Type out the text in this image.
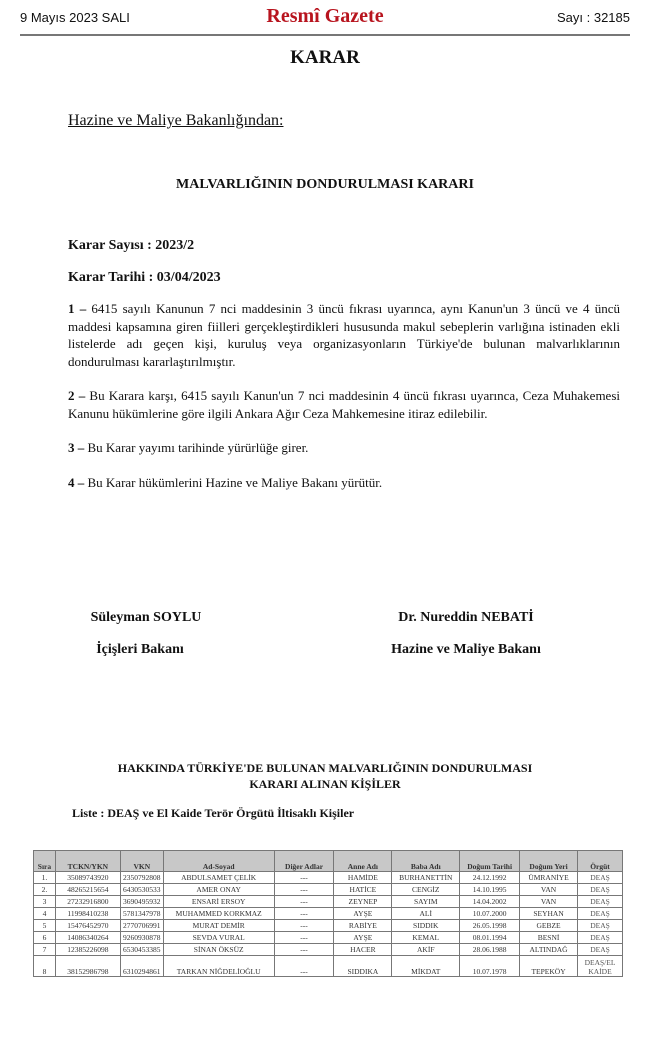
9 Mayıs 2023 SALI	Resmî Gazete	Sayı : 32185
KARAR
Hazine ve Maliye Bakanlığından:
MALVARLIĞININ DONDURULMASI KARARI
Karar Sayısı : 2023/2
Karar Tarihi : 03/04/2023

1 – 6415 sayılı Kanunun 7 nci maddesinin 3 üncü fıkrası uyarınca, aynı Kanun'un 3 üncü ve 4 üncü maddesi kapsamına giren fiilleri gerçekleştirdikleri hususunda makul sebeplerin varlığına istinaden ekli listelerde adı geçen kişi, kuruluş veya organizasyonların Türkiye'de bulunan malvarlıklarının dondurulması kararlaştırılmıştır.

2 – Bu Karara karşı, 6415 sayılı Kanun'un 7 nci maddesinin 4 üncü fıkrası uyarınca, Ceza Muhakemesi Kanunu hükümlerine göre ilgili Ankara Ağır Ceza Mahkemesine itiraz edilebilir.

3 – Bu Karar yayımı tarihinde yürürlüğe girer.

4 – Bu Karar hükümlerini Hazine ve Maliye Bakanı yürütür.

Süleyman SOYLU
İçişleri Bakanı
Dr. Nureddin NEBATİ
Hazine ve Maliye Bakanı
HAKKINDA TÜRKİYE'DE BULUNAN MALVARLIĞININ DONDURULMASI
KARARI ALINAN KİŞİLER
Liste : DEAŞ ve El Kaide Terör Örgütü İltisaklı Kişiler
Sıra	TCKN/YKN	VKN	Ad-Soyad	Diğer Adlar	Anne Adı	Baba Adı	Doğum Tarihi	Doğum Yeri	Örgüt
1.	35089743920	2350792808	ABDULSAMET ÇELİK	---	HAMİDE	BURHANETTİN	24.12.1992	ÜMRANİYE	DEAŞ
2.	48265215654	6430530533	AMER ONAY	---	HATİCE	CENGİZ	14.10.1995	VAN	DEAŞ
3	27232916800	3690495932	ENSARİ ERSOY	---	ZEYNEP	SAYIM	14.04.2002	VAN	DEAŞ
4	11998410238	5781347978	MUHAMMED KORKMAZ	---	AYŞE	ALİ	10.07.2000	SEYHAN	DEAŞ
5	15476452970	2770706991	MURAT DEMİR	---	RABİYE	SIDDIK	26.05.1998	GEBZE	DEAŞ
6	14086340264	9260930878	SEVDA VURAL	---	AYŞE	KEMAL	08.01.1994	BESNİ	DEAŞ
7	12385226098	6530453385	SİNAN ÖKSÜZ	---	HACER	AKİF	28.06.1988	ALTINDAĞ	DEAŞ
8	38152986798	6310294861	TARKAN NİĞDELİOĞLU	---	SIDDIKA	MİKDAT	10.07.1978	TEPEKÖY	DEAŞ/EL KAİDE
